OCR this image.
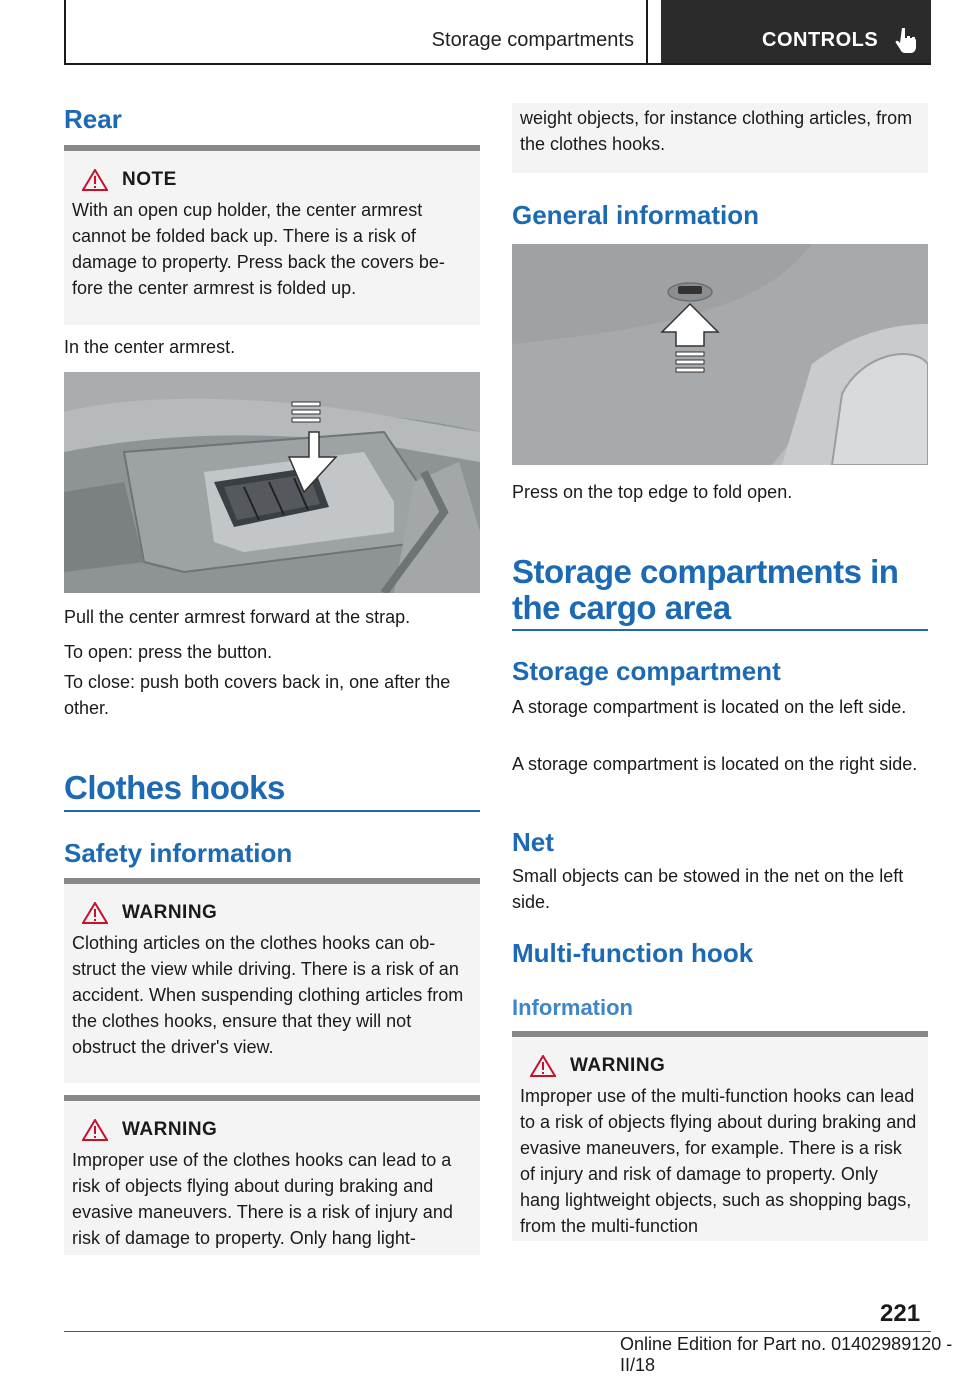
Storage compartments	CONTROLS
Rear
NOTE
With an open cup holder, the center armrest cannot be folded back up. There is a risk of damage to property. Press back the covers be- fore the center armrest is folded up.
In the center armrest.
Pull the center armrest forward at the strap.
To open: press the button.
To close: push both covers back in, one after the other.
Clothes hooks
Safety information
WARNING
Clothing articles on the clothes hooks can ob- struct the view while driving. There is a risk of an accident. When suspending clothing articles from the clothes hooks, ensure that they will not obstruct the driver's view.
WARNING
Improper use of the clothes hooks can lead to a risk of objects flying about during braking and evasive maneuvers. There is a risk of injury and risk of damage to property. Only hang light-
weight objects, for instance clothing articles, from the clothes hooks.
General information
Press on the top edge to fold open.
Storage compartments in
the cargo area
Storage compartment
A storage compartment is located on the left side.
A storage compartment is located on the right side.
Net
Small objects can be stowed in the net on the left side.
Multi-function hook
Information
WARNING
Improper use of the multi-function hooks can lead to a risk of objects flying about during braking and evasive maneuvers, for example. There is a risk of injury and risk of damage to property. Only hang lightweight objects, such as shopping bags, from the multi-function
221
Online Edition for Part no. 01402989120 - II/18
